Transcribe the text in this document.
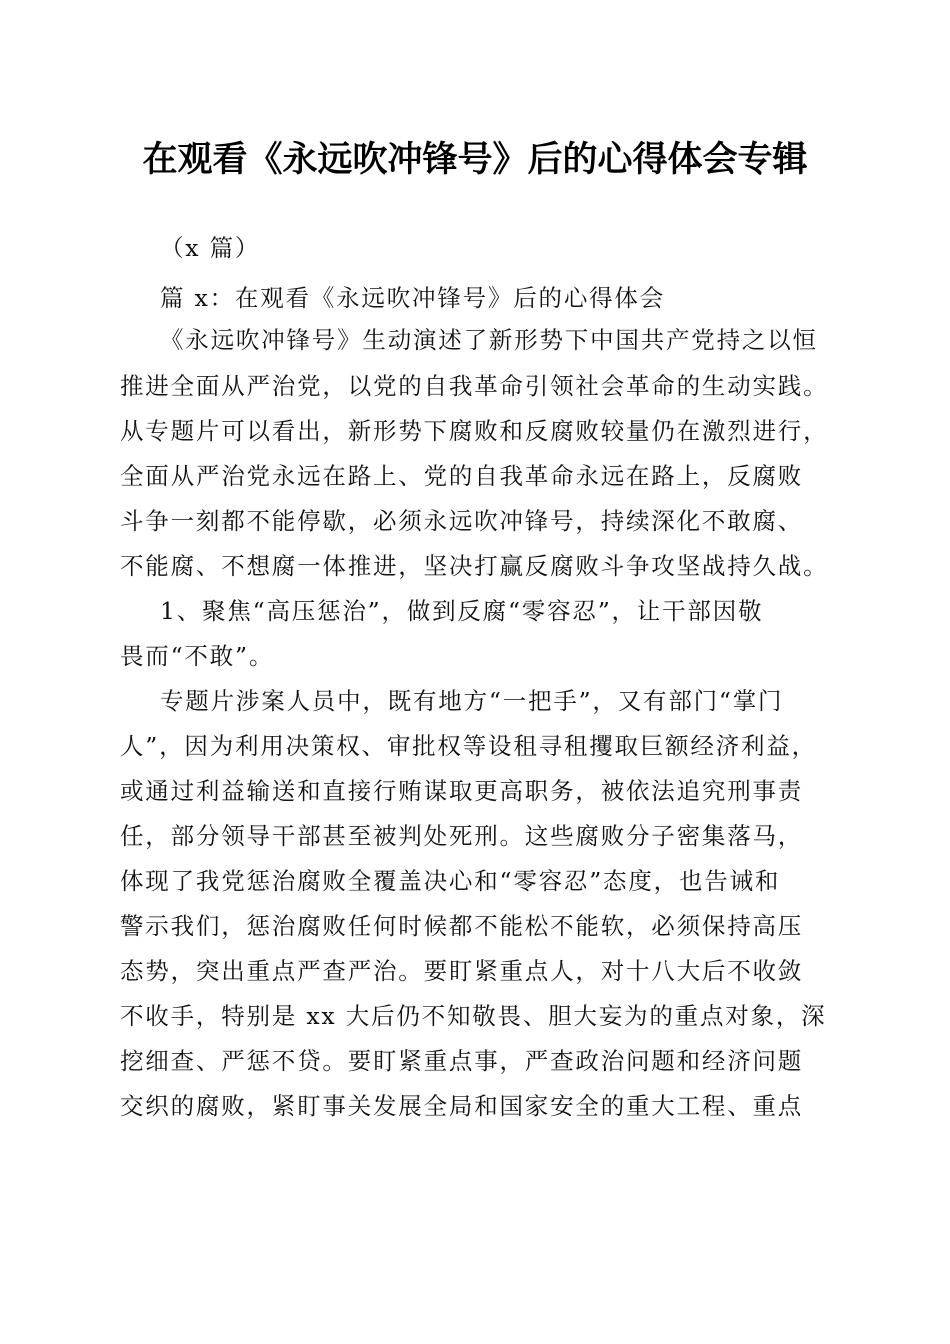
在观看《永远吹冲锋号》后的心得体会专辑
（x 篇）
篇 x：在观看《永远吹冲锋号》后的心得体会
《永远吹冲锋号》生动演述了新形势下中国共产党持之以恒
推进全面从严治党，以党的自我革命引领社会革命的生动实践。
从专题片可以看出，新形势下腐败和反腐败较量仍在激烈进行，
全面从严治党永远在路上、党的自我革命永远在路上，反腐败
斗争一刻都不能停歇，必须永远吹冲锋号，持续深化不敢腐、
不能腐、不想腐一体推进，坚决打赢反腐败斗争攻坚战持久战。
1、聚焦“高压惩治”，做到反腐“零容忍”，让干部因敬
畏而“不敢”。
专题片涉案人员中，既有地方“一把手”，又有部门“掌门
人”，因为利用决策权、审批权等设租寻租攫取巨额经济利益，
或通过利益输送和直接行贿谋取更高职务，被依法追究刑事责
任，部分领导干部甚至被判处死刑。这些腐败分子密集落马，
体现了我党惩治腐败全覆盖决心和“零容忍”态度，也告诫和
警示我们，惩治腐败任何时候都不能松不能软，必须保持高压
态势，突出重点严查严治。要盯紧重点人，对十八大后不收敛
不收手，特别是 xx 大后仍不知敬畏、胆大妄为的重点对象，深
挖细查、严惩不贷。要盯紧重点事，严查政治问题和经济问题
交织的腐败，紧盯事关发展全局和国家安全的重大工程、重点
